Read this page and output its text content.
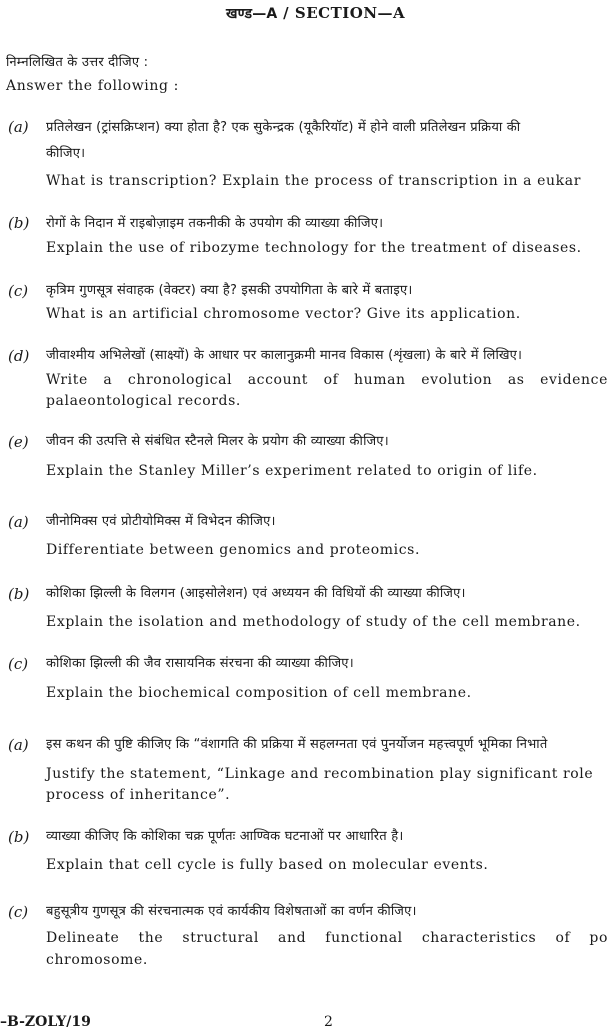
खण्ड—A / SECTION—A
निम्नलिखित के उत्तर दीजिए :
Answer the following :
(a) प्रतिलेखन (ट्रांसक्रिप्शन) क्या होता है? एक सुकेन्द्रक (यूकैरियॉट) में होने वाली प्रतिलेखन प्रक्रिया की
कीजिए।
What is transcription? Explain the process of transcription in a eukar
(b) रोगों के निदान में राइबोज़ाइम तकनीकी के उपयोग की व्याख्या कीजिए।
Explain the use of ribozyme technology for the treatment of diseases.
(c) कृत्रिम गुणसूत्र संवाहक (वेक्टर) क्या है? इसकी उपयोगिता के बारे में बताइए।
What is an artificial chromosome vector? Give its application.
(d) जीवाश्मीय अभिलेखों (साक्ष्यों) के आधार पर कालानुक्रमी मानव विकास (शृंखला) के बारे में लिखिए।
Write a chronological account of human evolution as evidence
palaeontological records.
(e) जीवन की उत्पत्ति से संबंधित स्टैनले मिलर के प्रयोग की व्याख्या कीजिए।
Explain the Stanley Miller’s experiment related to origin of life.
(a) जीनोमिक्स एवं प्रोटीयोमिक्स में विभेदन कीजिए।
Differentiate between genomics and proteomics.
(b) कोशिका झिल्ली के विलगन (आइसोलेशन) एवं अध्ययन की विधियों की व्याख्या कीजिए।
Explain the isolation and methodology of study of the cell membrane.
(c) कोशिका झिल्ली की जैव रासायनिक संरचना की व्याख्या कीजिए।
Explain the biochemical composition of cell membrane.
(a) इस कथन की पुष्टि कीजिए कि “वंशागति की प्रक्रिया में सहलग्नता एवं पुनर्योजन महत्त्वपूर्ण भूमिका निभाते
Justify the statement, “Linkage and recombination play significant role
process of inheritance”.
(b) व्याख्या कीजिए कि कोशिका चक्र पूर्णतः आण्विक घटनाओं पर आधारित है।
Explain that cell cycle is fully based on molecular events.
(c) बहुसूत्रीय गुणसूत्र की संरचनात्मक एवं कार्यकीय विशेषताओं का वर्णन कीजिए।
Delineate the structural and functional characteristics of po
chromosome.
–B-ZOLY/19	2
